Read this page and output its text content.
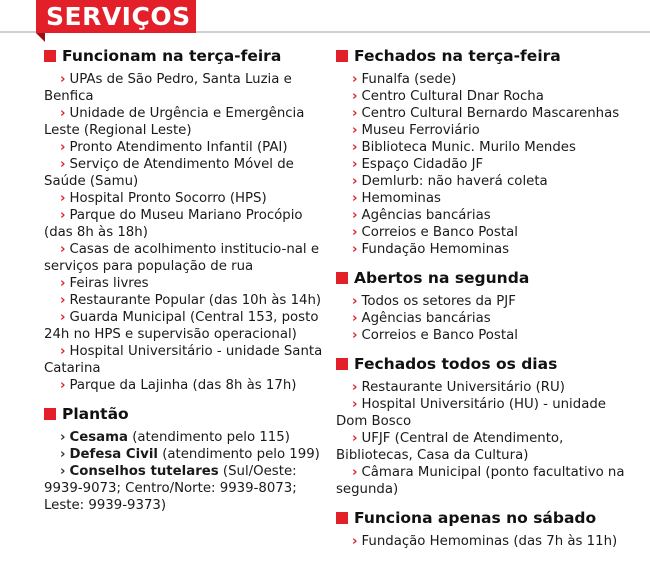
SERVIÇOS
Funcionam na terça-feira
› UPAs de São Pedro, Santa Luzia e Benfica
› Unidade de Urgência e Emergência Leste (Regional Leste)
› Pronto Atendimento Infantil (PAI)
› Serviço de Atendimento Móvel de Saúde (Samu)
› Hospital Pronto Socorro (HPS)
› Parque do Museu Mariano Procópio (das 8h às 18h)
› Casas de acolhimento institucio-nal e serviços para população de rua
› Feiras livres
› Restaurante Popular (das 10h às 14h)
› Guarda Municipal (Central 153, posto 24h no HPS e supervisão operacional)
› Hospital Universitário - unidade Santa Catarina
› Parque da Lajinha (das 8h às 17h)
Plantão
› Cesama (atendimento pelo 115)
› Defesa Civil (atendimento pelo 199)
› Conselhos tutelares (Sul/Oeste: 9939-9073; Centro/Norte: 9939-8073; Leste: 9939-9373)
Fechados na terça-feira
› Funalfa (sede)
› Centro Cultural Dnar Rocha
› Centro Cultural Bernardo Mascarenhas
› Museu Ferroviário
› Biblioteca Munic. Murilo Mendes
› Espaço Cidadão JF
› Demlurb: não haverá coleta
› Hemominas
› Agências bancárias
› Correios e Banco Postal
› Fundação Hemominas
Abertos na segunda
› Todos os setores da PJF
› Agências bancárias
› Correios e Banco Postal
Fechados todos os dias
› Restaurante Universitário (RU)
› Hospital Universitário (HU) - unidade Dom Bosco
› UFJF (Central de Atendimento, Bibliotecas, Casa da Cultura)
› Câmara Municipal (ponto facultativo na segunda)
Funciona apenas no sábado
› Fundação Hemominas (das 7h às 11h)
